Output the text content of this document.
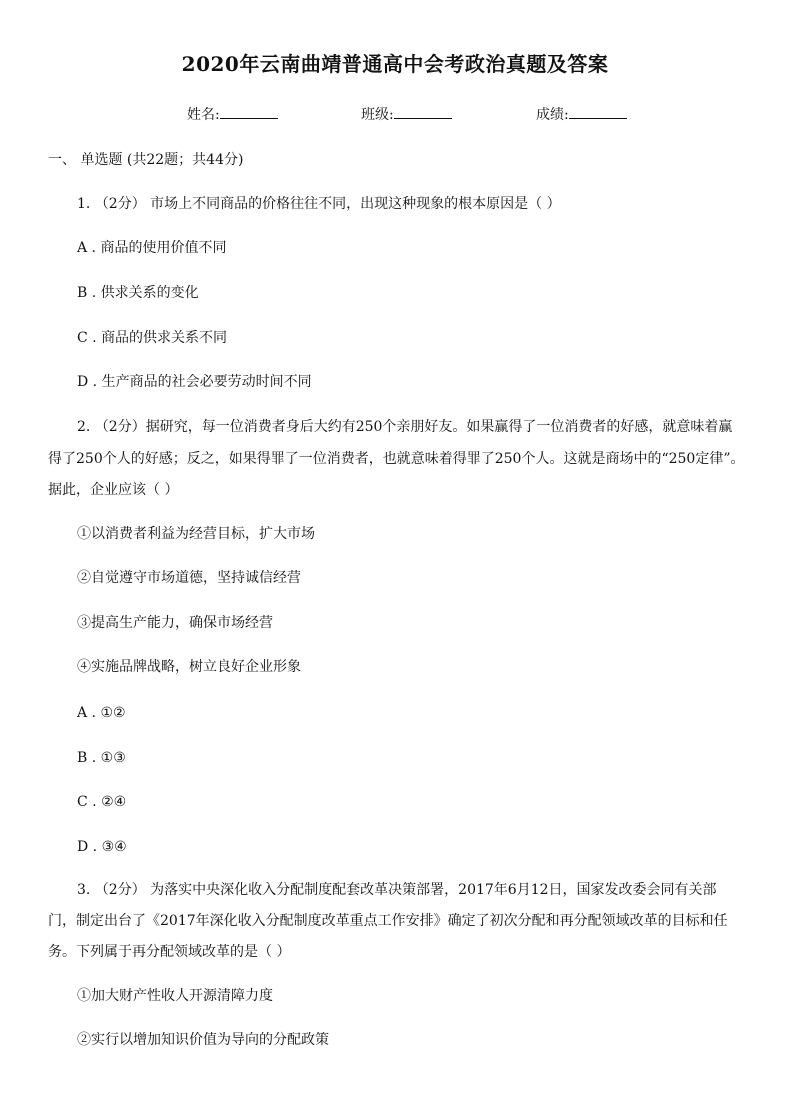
2020年云南曲靖普通高中会考政治真题及答案
姓名:	班级:	成绩:
一、 单选题 (共22题；共44分)
1. （2分） 市场上不同商品的价格往往不同，出现这种现象的根本原因是（ ）
A . 商品的使用价值不同
B . 供求关系的变化
C . 商品的供求关系不同
D . 生产商品的社会必要劳动时间不同
2. （2分）据研究，每一位消费者身后大约有250个亲朋好友。如果赢得了一位消费者的好感，就意味着赢
得了250个人的好感；反之，如果得罪了一位消费者，也就意味着得罪了250个人。这就是商场中的“250定律”。
据此，企业应该（ ）
①以消费者利益为经营目标，扩大市场
②自觉遵守市场道德，坚持诚信经营
③提高生产能力，确保市场经营
④实施品牌战略，树立良好企业形象
A . ①②
B . ①③
C . ②④
D . ③④
3. （2分） 为落实中央深化收入分配制度配套改革决策部署，2017年6月12日，国家发改委会同有关部
门，制定出台了《2017年深化收入分配制度改革重点工作安排》确定了初次分配和再分配领域改革的目标和任
务。下列属于再分配领域改革的是（ ）
①加大财产性收人开源清障力度
②实行以增加知识价值为导向的分配政策
